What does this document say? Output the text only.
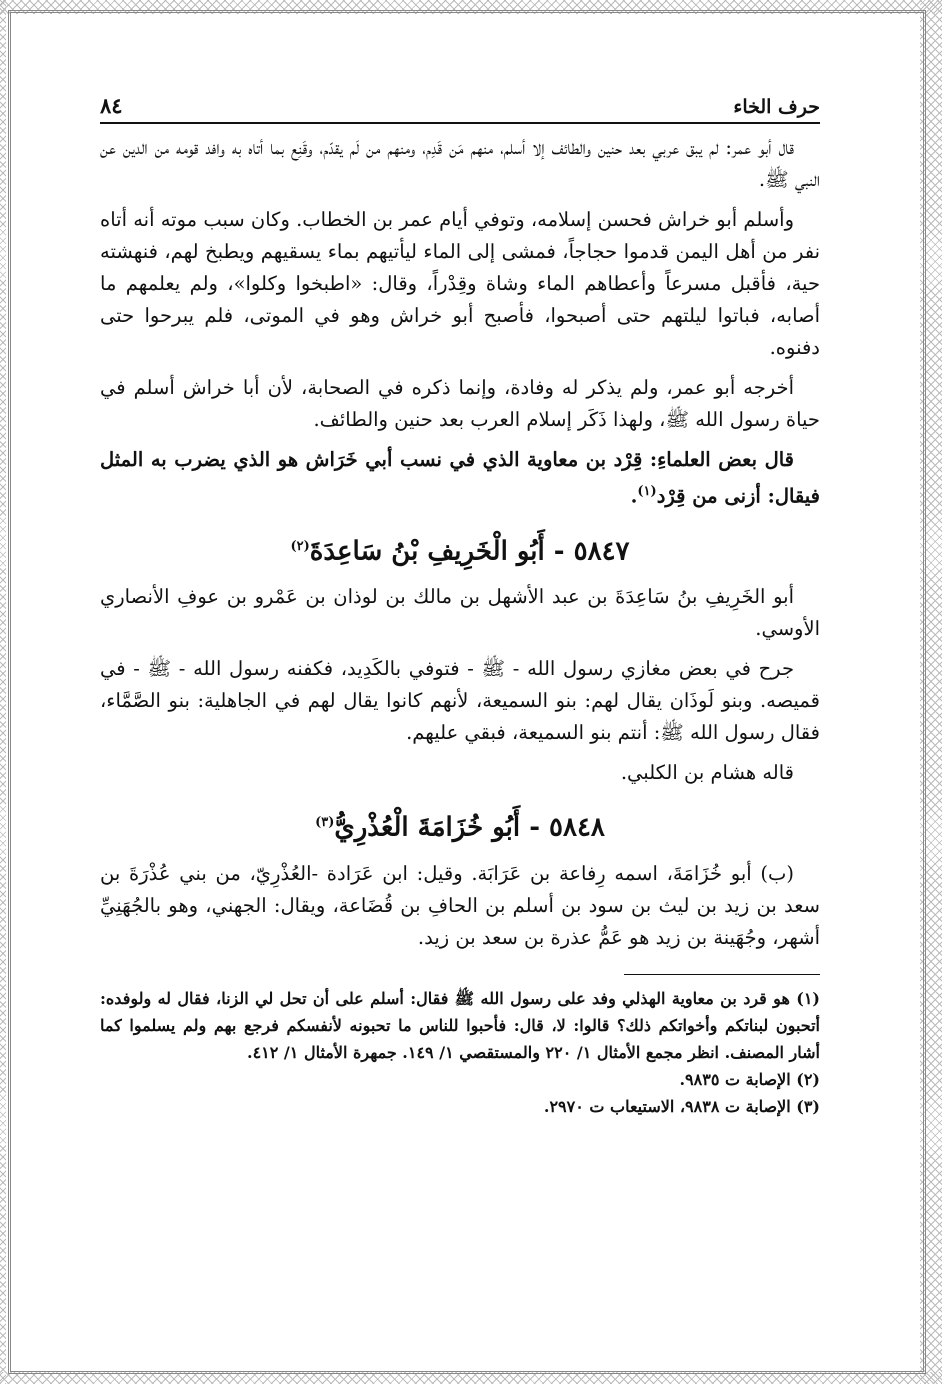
حرف الخاء
٨٤

قال أبو عمر: لم يبق عربي بعد حنين والطائف إلا أسلم، منهم مَن قَدِم، ومنهم من لَم يقدّم، وقَنِع بما أتاه به وافد قومه من الدين عن النبي ﷺ.

وأسلم أبو خراش فحسن إسلامه، وتوفي أيام عمر بن الخطاب. وكان سبب موته أنه أتاه نفر من أهل اليمن قدموا حجاجاً، فمشى إلى الماء ليأتيهم بماء يسقيهم ويطبخ لهم، فنهشته حية، فأقبل مسرعاً وأعطاهم الماء وشاة وقِدْراً، وقال: «اطبخوا وكلوا»، ولم يعلمهم ما أصابه، فباتوا ليلتهم حتى أصبحوا، فأصبح أبو خراش وهو في الموتى، فلم يبرحوا حتى دفنوه.

أخرجه أبو عمر، ولم يذكر له وفادة، وإنما ذكره في الصحابة، لأن أبا خراش أسلم في حياة رسول الله ﷺ، ولهذا ذَكَر إسلام العرب بعد حنين والطائف.

قال بعض العلماءِ: قِرْد بن معاوية الذي في نسب أبي خَرَاش هو الذي يضرب به المثل فيقال: أزنى من قِرْد$^{(١)}$.

٥٨٤٧ - أَبُو الْخَرِيفِ بْنُ سَاعِدَةَ$^{(٢)}$

أبو الخَرِيفِ بنُ سَاعِدَةَ بن عبد الأشهل بن مالك بن لوذان بن عَمْرو بن عوفِ الأنصاري الأوسي.

جرح في بعض مغازي رسول الله - ﷺ - فتوفي بالكَدِيد، فكفنه رسول الله - ﷺ - في قميصه. وبنو لَوذَان يقال لهم: بنو السميعة، لأنهم كانوا يقال لهم في الجاهلية: بنو الصَّمَّاء، فقال رسول الله ﷺ: أنتم بنو السميعة، فبقي عليهم.

قاله هشام بن الكلبي.

٥٨٤٨ - أَبُو خُزَامَةَ الْعُذْرِيُّ$^{(٣)}$

(ب) أبو خُزَامَةَ، اسمه رِفاعة بن عَرَابَة. وقيل: ابن عَرَادة -العُذْرِيّ، من بني عُذْرَةَ بن سعد بن زيد بن ليث بن سود بن أسلم بن الحافِ بن قُضَاعة، ويقال: الجهني، وهو بالجُهَنِيِّ أشهر، وجُهَينة بن زيد هو عَمُّ عذرة بن سعد بن زيد.

(١) هو قرد بن معاوية الهذلي وفد على رسول الله ﷺ فقال: أسلم على أن تحل لي الزنا، فقال له ولوفده: أتحبون لبناتكم وأخواتكم ذلك؟ قالوا: لا، قال: فأحبوا للناس ما تحبونه لأنفسكم فرجع بهم ولم يسلموا كما أشار المصنف. انظر مجمع الأمثال ١/ ٢٢٠ والمستقصي ١/ ١٤٩. جمهرة الأمثال ١/ ٤١٢.

(٢) الإصابة ت ٩٨٣٥.

(٣) الإصابة ت ٩٨٣٨، الاستيعاب ت ٢٩٧٠.
